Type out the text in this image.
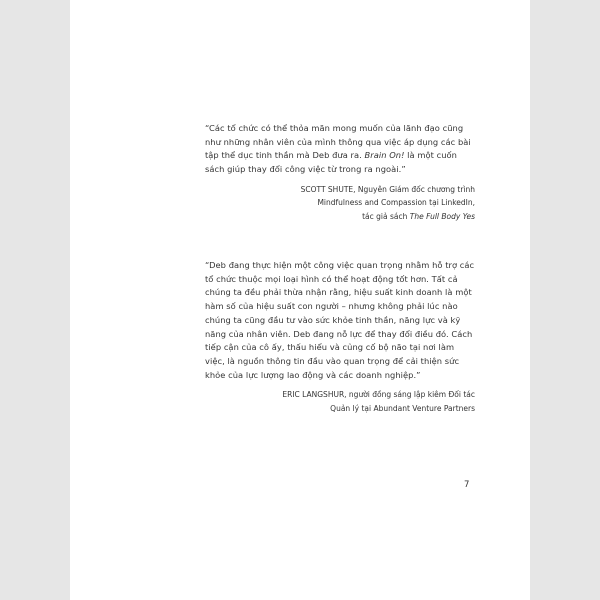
“Các tổ chức có thể thỏa mãn mong muốn của lãnh đạo cũng như những nhân viên của mình thông qua việc áp dụng các bài tập thể dục tinh thần mà Deb đưa ra. Brain On! là một cuốn sách giúp thay đổi công việc từ trong ra ngoài.”

SCOTT SHUTE, Nguyên Giám đốc chương trình
Mindfulness and Compassion tại LinkedIn,
tác giả sách The Full Body Yes

“Deb đang thực hiện một công việc quan trọng nhằm hỗ trợ các tổ chức thuộc mọi loại hình có thể hoạt động tốt hơn. Tất cả chúng ta đều phải thừa nhận rằng, hiệu suất kinh doanh là một hàm số của hiệu suất con người – nhưng không phải lúc nào chúng ta cũng đầu tư vào sức khỏe tinh thần, năng lực và kỹ năng của nhân viên. Deb đang nỗ lực để thay đổi điều đó. Cách tiếp cận của cô ấy, thấu hiểu và củng cố bộ não tại nơi làm việc, là nguồn thông tin đầu vào quan trọng để cải thiện sức khỏe của lực lượng lao động và các doanh nghiệp.”

ERIC LANGSHUR, người đồng sáng lập kiêm Đối tác
Quản lý tại Abundant Venture Partners

7
